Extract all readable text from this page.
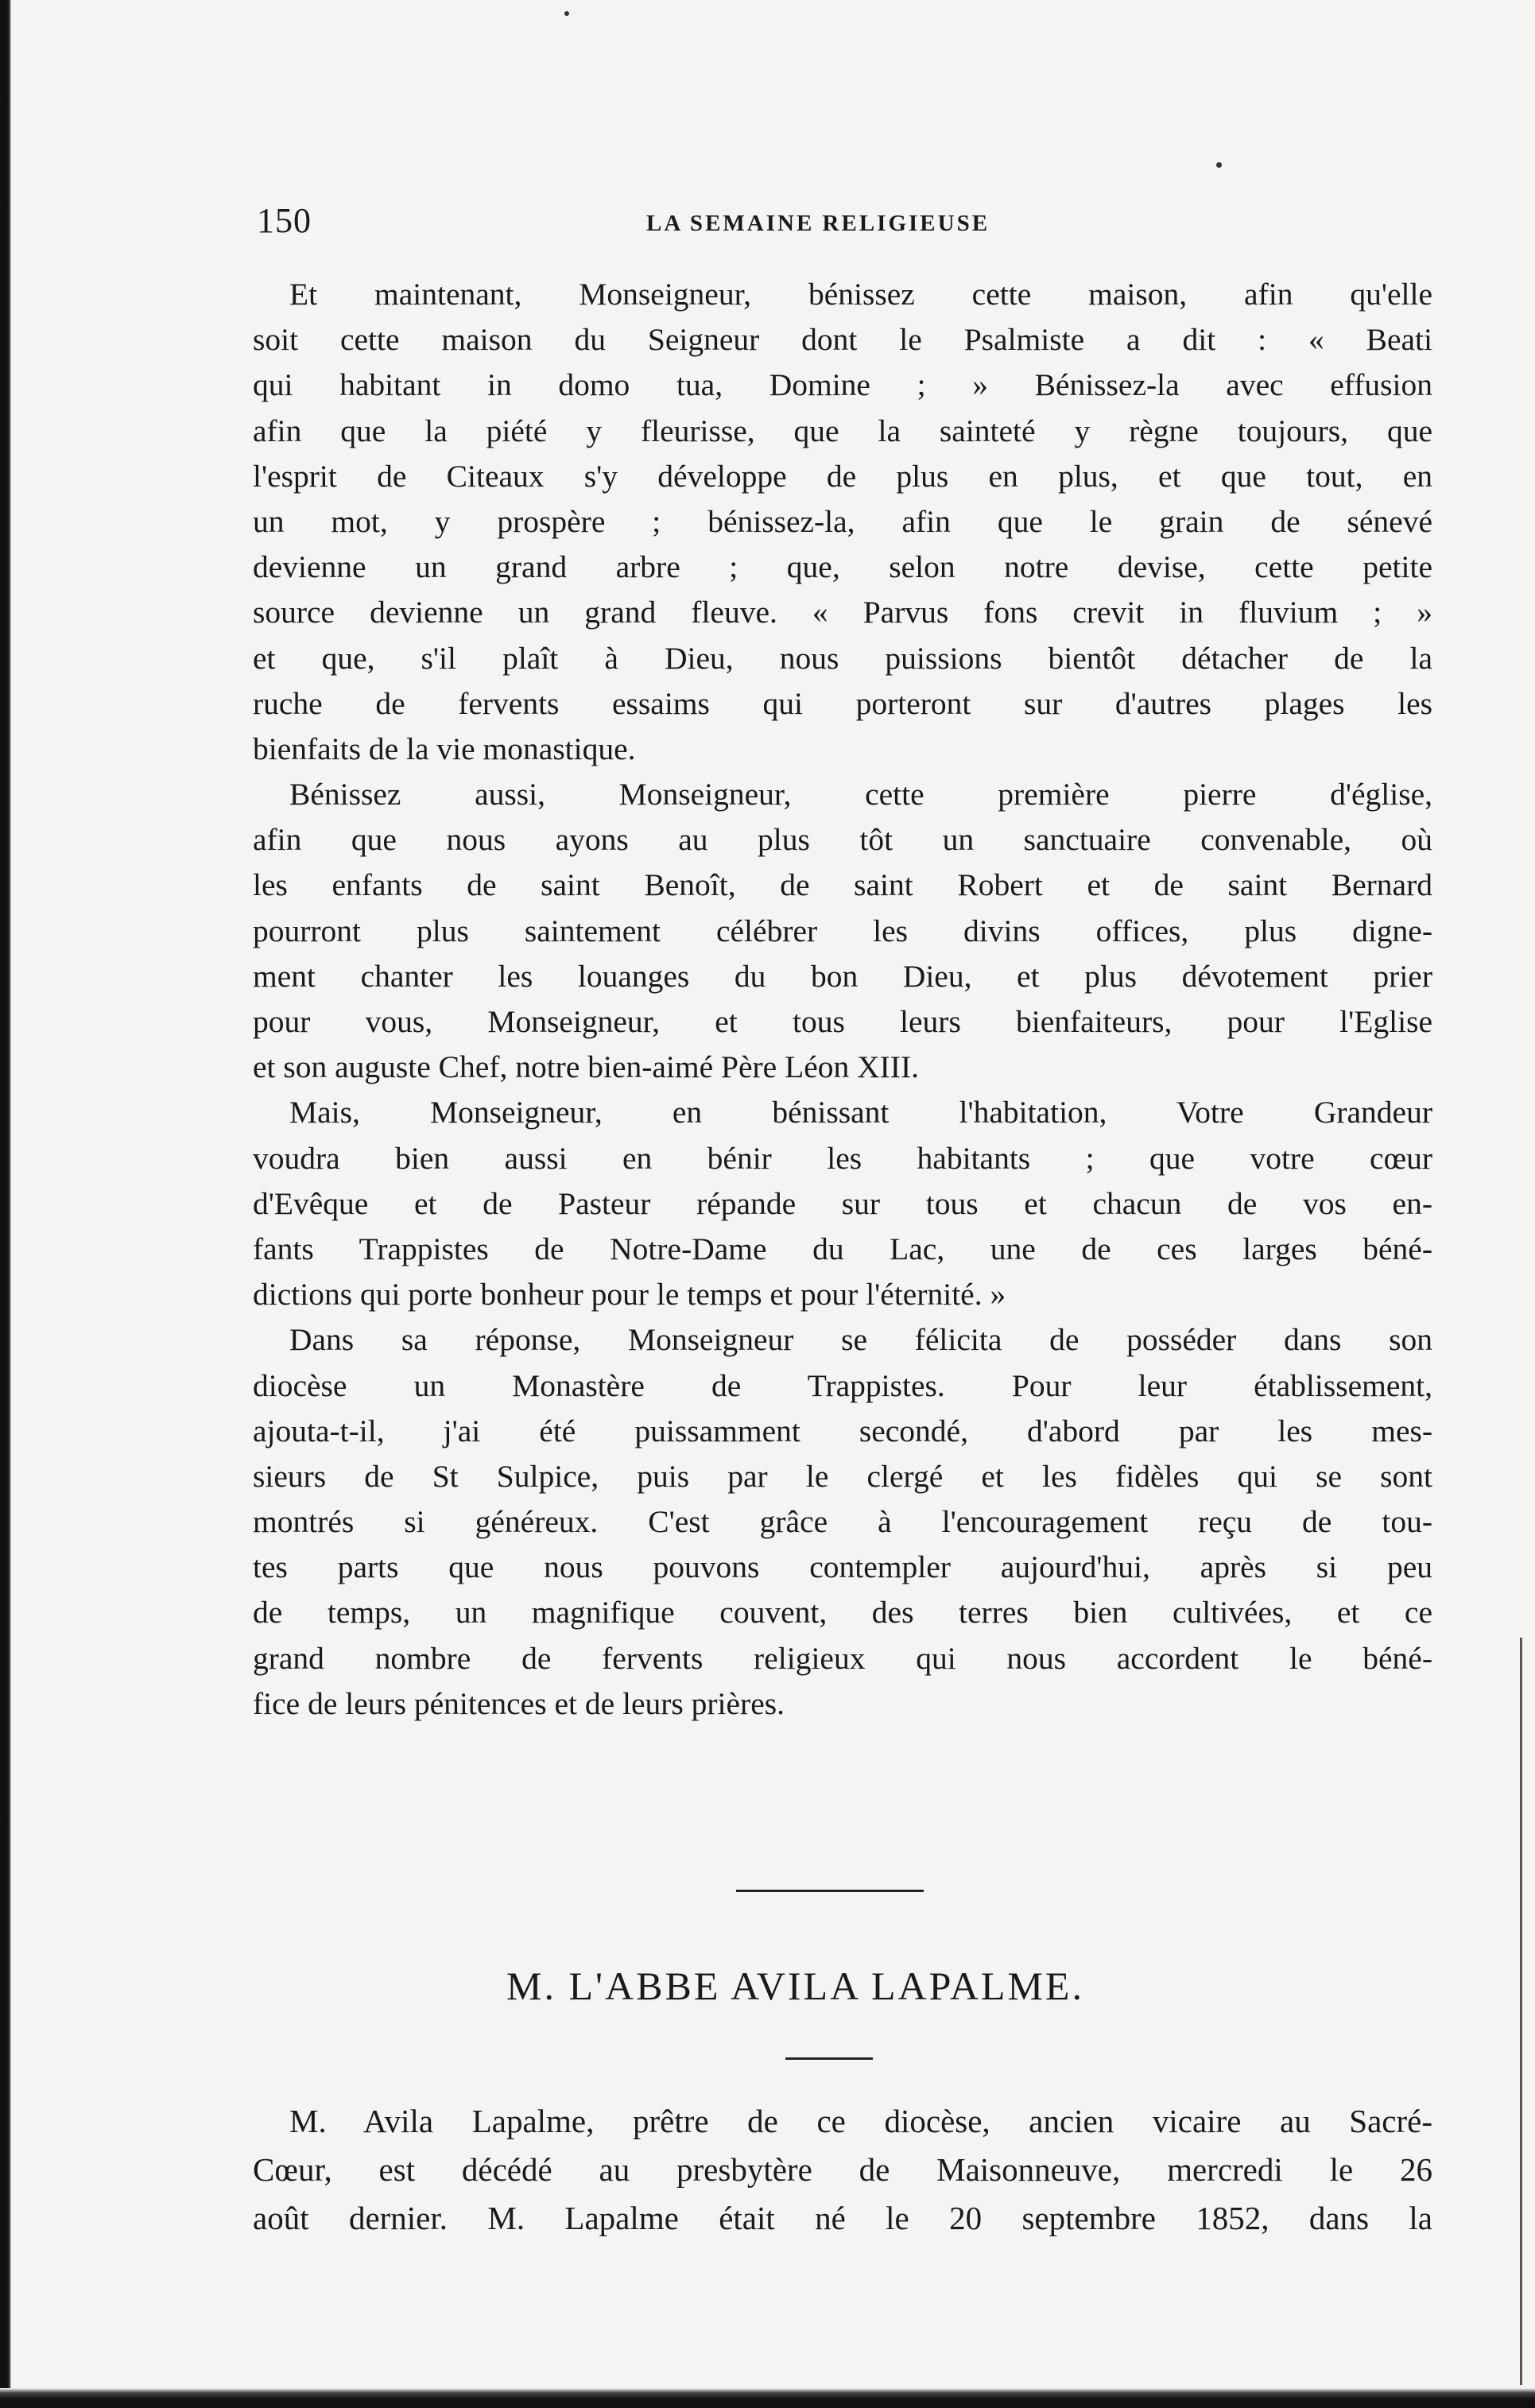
150	LA SEMAINE RELIGIEUSE
Et maintenant, Monseigneur, bénissez cette maison, afin qu'elle
soit cette maison du Seigneur dont le Psalmiste a dit : « Beati
qui habitant in domo tua, Domine ; » Bénissez-la avec effusion
afin que la piété y fleurisse, que la sainteté y règne toujours, que
l'esprit de Citeaux s'y développe de plus en plus, et que tout, en
un mot, y prospère ; bénissez-la, afin que le grain de sénevé
devienne un grand arbre ; que, selon notre devise, cette petite
source devienne un grand fleuve. « Parvus fons crevit in fluvium ; »
et que, s'il plaît à Dieu, nous puissions bientôt détacher de la
ruche de fervents essaims qui porteront sur d'autres plages les
bienfaits de la vie monastique.
Bénissez aussi, Monseigneur, cette première pierre d'église,
afin que nous ayons au plus tôt un sanctuaire convenable, où
les enfants de saint Benoît, de saint Robert et de saint Bernard
pourront plus saintement célébrer les divins offices, plus digne-
ment chanter les louanges du bon Dieu, et plus dévotement prier
pour vous, Monseigneur, et tous leurs bienfaiteurs, pour l'Eglise
et son auguste Chef, notre bien-aimé Père Léon XIII.
Mais, Monseigneur, en bénissant l'habitation, Votre Grandeur
voudra bien aussi en bénir les habitants ; que votre cœur
d'Evêque et de Pasteur répande sur tous et chacun de vos en-
fants Trappistes de Notre-Dame du Lac, une de ces larges béné-
dictions qui porte bonheur pour le temps et pour l'éternité. »
Dans sa réponse, Monseigneur se félicita de posséder dans son
diocèse un Monastère de Trappistes. Pour leur établissement,
ajouta-t-il, j'ai été puissamment secondé, d'abord par les mes-
sieurs de St Sulpice, puis par le clergé et les fidèles qui se sont
montrés si généreux. C'est grâce à l'encouragement reçu de tou-
tes parts que nous pouvons contempler aujourd'hui, après si peu
de temps, un magnifique couvent, des terres bien cultivées, et ce
grand nombre de fervents religieux qui nous accordent le béné-
fice de leurs pénitences et de leurs prières.
M. L'ABBE AVILA LAPALME.
M. Avila Lapalme, prêtre de ce diocèse, ancien vicaire au Sacré-
Cœur, est décédé au presbytère de Maisonneuve, mercredi le 26
août dernier. M. Lapalme était né le 20 septembre 1852, dans la
